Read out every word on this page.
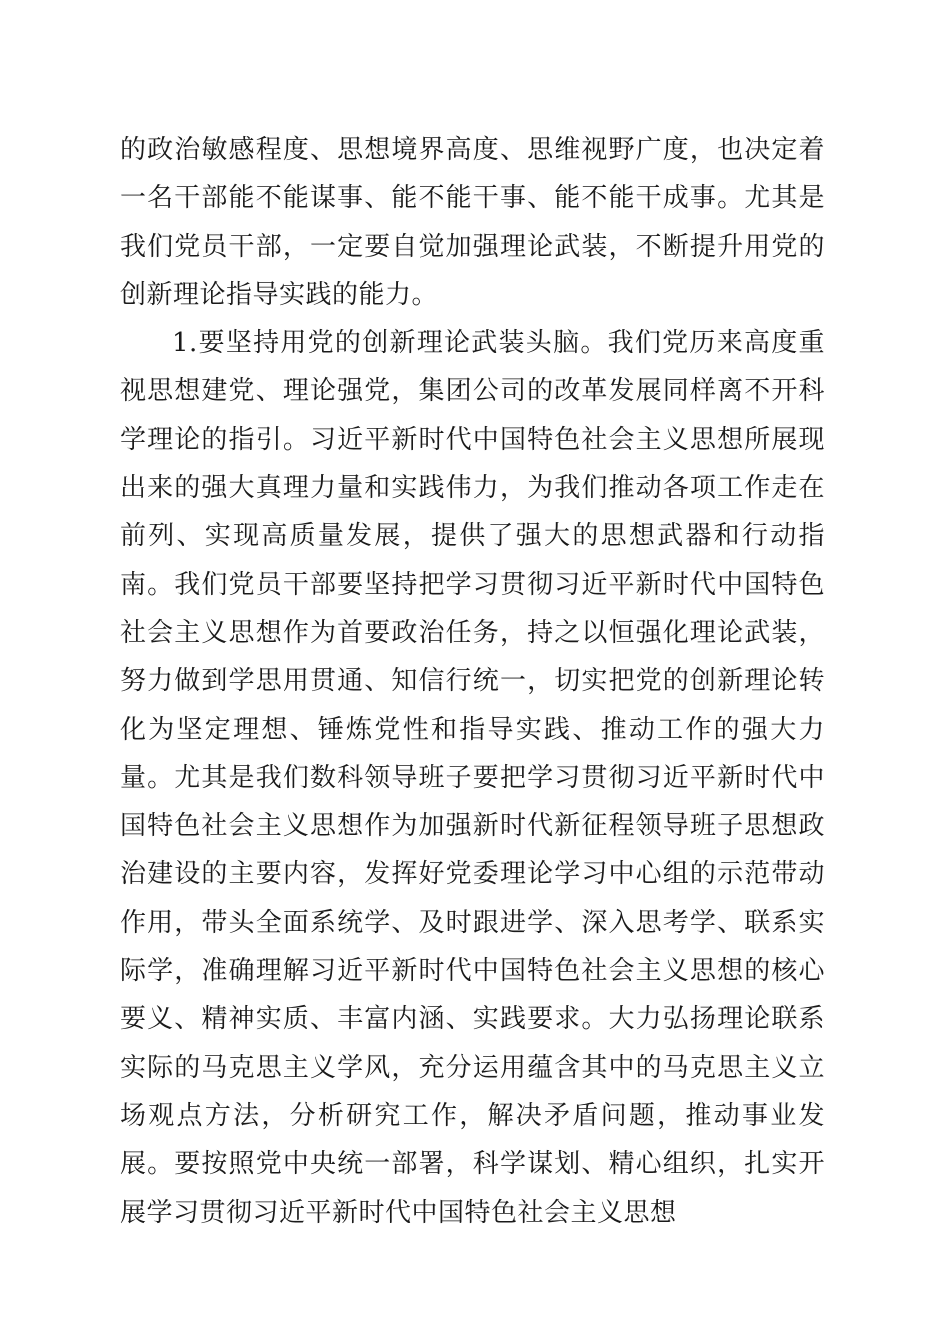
的政治敏感程度、思想境界高度、思维视野广度，也决定着一名干部能不能谋事、能不能干事、能不能干成事。尤其是我们党员干部，一定要自觉加强理论武装，不断提升用党的创新理论指导实践的能力。

1.要坚持用党的创新理论武装头脑。我们党历来高度重视思想建党、理论强党，集团公司的改革发展同样离不开科学理论的指引。习近平新时代中国特色社会主义思想所展现出来的强大真理力量和实践伟力，为我们推动各项工作走在前列、实现高质量发展，提供了强大的思想武器和行动指南。我们党员干部要坚持把学习贯彻习近平新时代中国特色社会主义思想作为首要政治任务，持之以恒强化理论武装，努力做到学思用贯通、知信行统一，切实把党的创新理论转化为坚定理想、锤炼党性和指导实践、推动工作的强大力量。尤其是我们数科领导班子要把学习贯彻习近平新时代中国特色社会主义思想作为加强新时代新征程领导班子思想政治建设的主要内容，发挥好党委理论学习中心组的示范带动作用，带头全面系统学、及时跟进学、深入思考学、联系实际学，准确理解习近平新时代中国特色社会主义思想的核心要义、精神实质、丰富内涵、实践要求。大力弘扬理论联系实际的马克思主义学风，充分运用蕴含其中的马克思主义立场观点方法，分析研究工作，解决矛盾问题，推动事业发展。要按照党中央统一部署，科学谋划、精心组织，扎实开展学习贯彻习近平新时代中国特色社会主义思想
